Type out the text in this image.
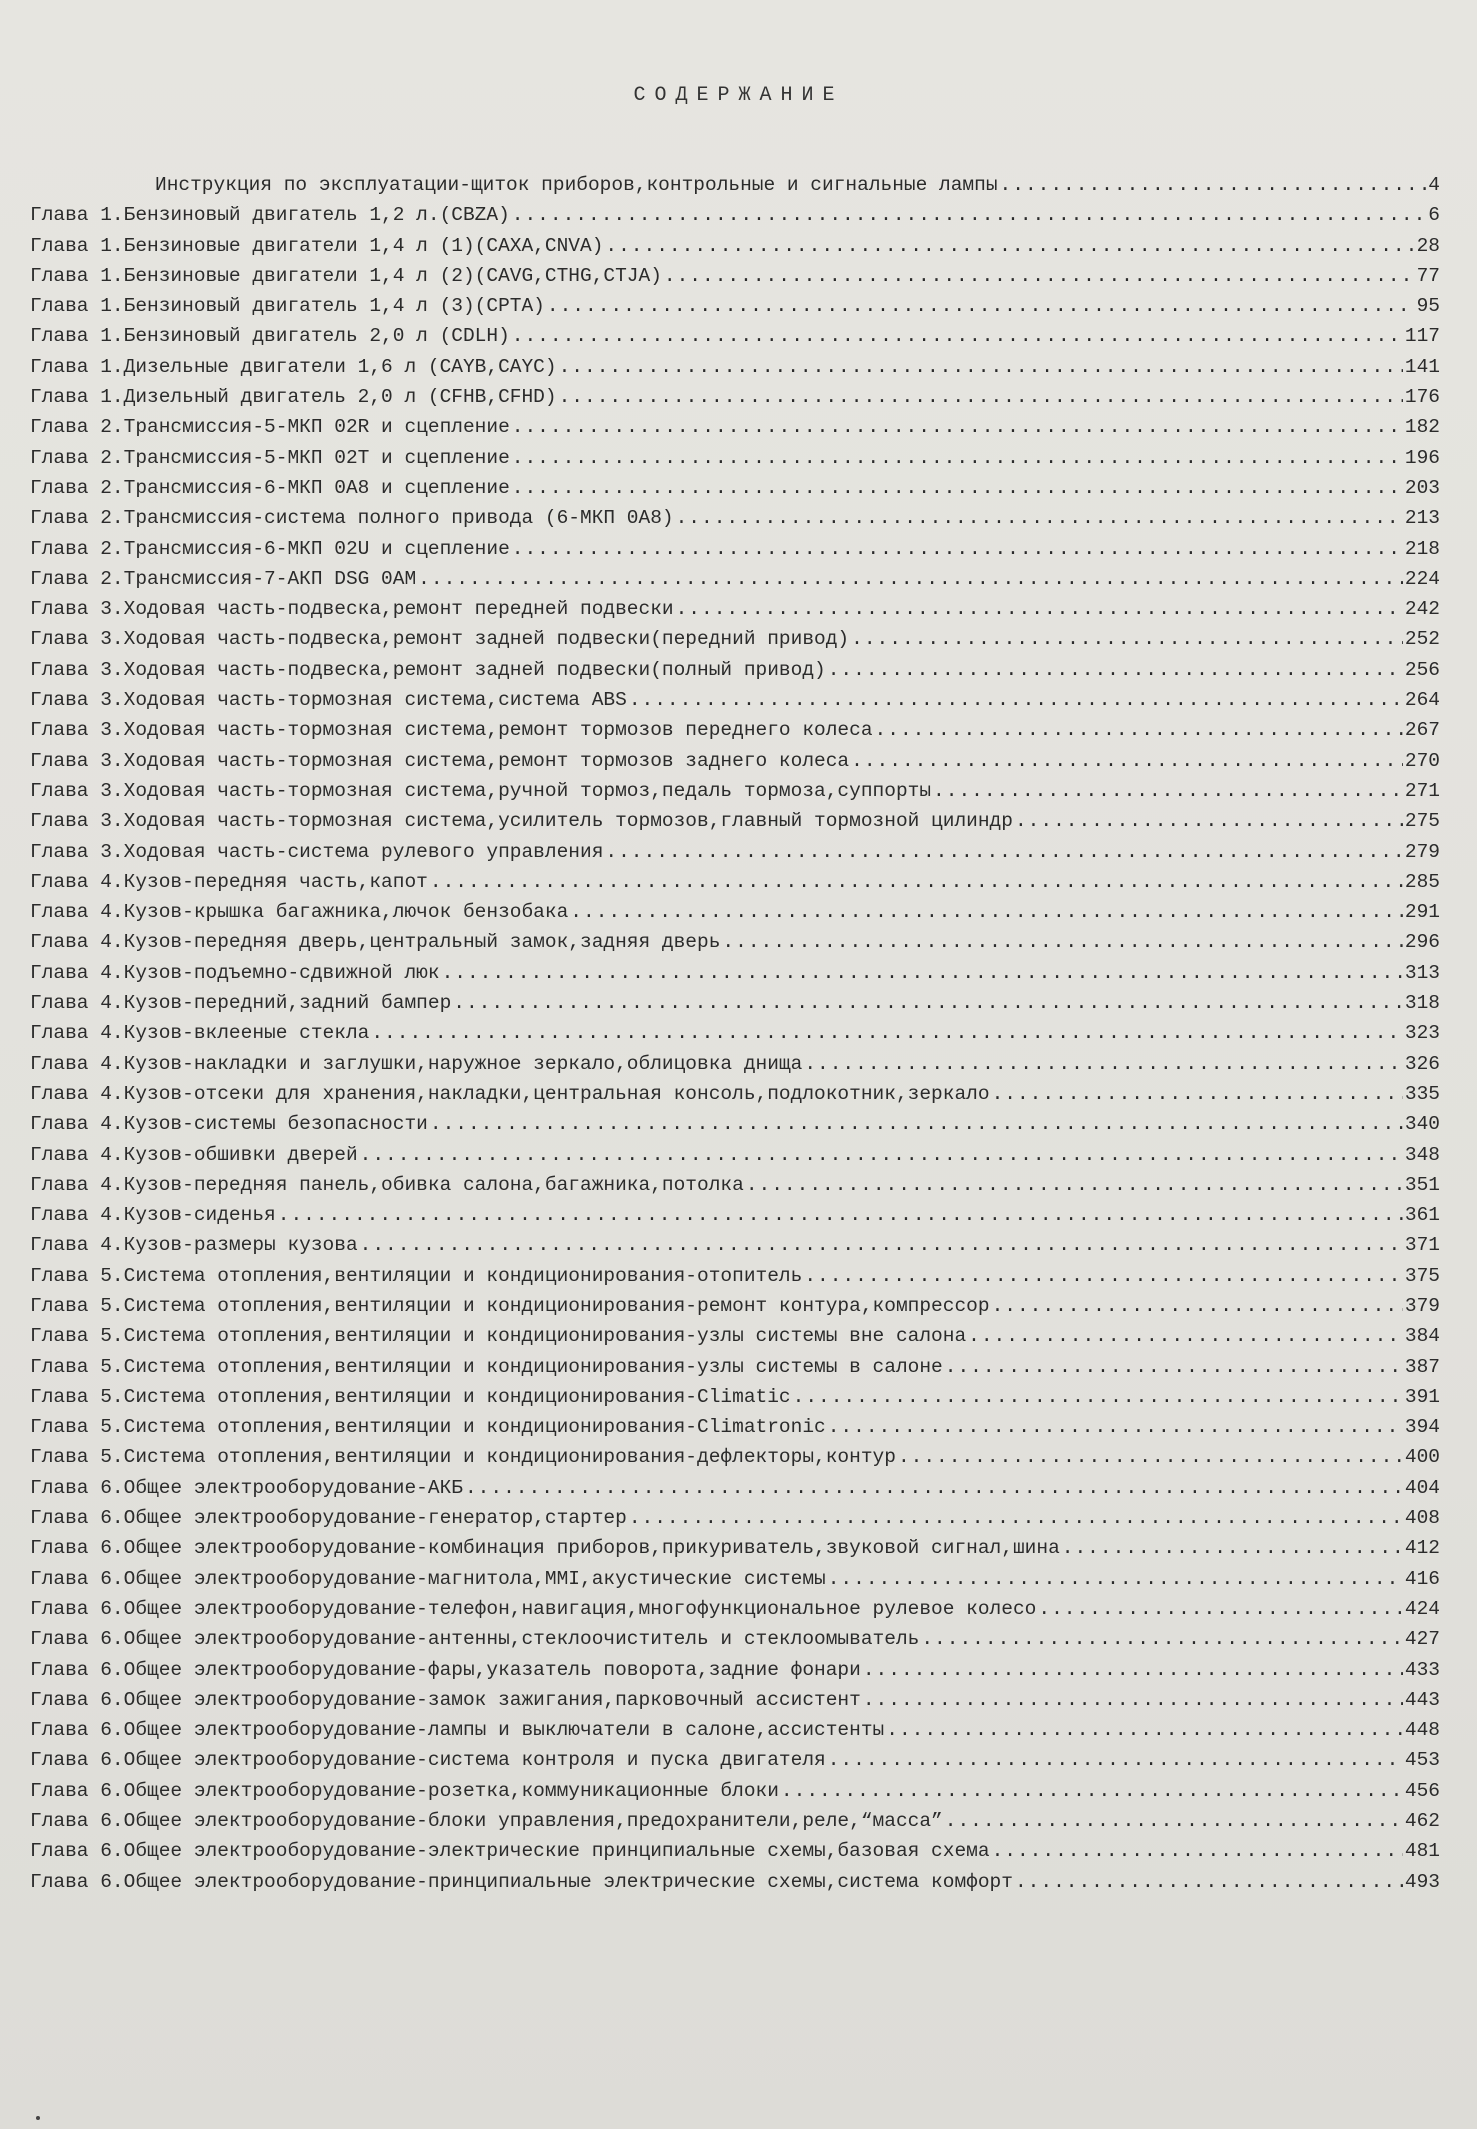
СОДЕРЖАНИЕ
Инструкция по эксплуатации-щиток приборов,контрольные и сигнальные лампы .....	4
Глава 1.Бензиновый двигатель 1,2 л.(CBZA) .....	6
Глава 1.Бензиновые двигатели 1,4 л (1)(CAXA,CNVA) .....	28
Глава 1.Бензиновые двигатели 1,4 л (2)(CAVG,CTHG,CTJA) .....	77
Глава 1.Бензиновый двигатель 1,4 л (3)(CPTA) .....	95
Глава 1.Бензиновый двигатель 2,0 л (CDLH) .....	117
Глава 1.Дизельные двигатели 1,6 л (CAYB,CAYC) .....	141
Глава 1.Дизельный двигатель 2,0 л (CFHB,CFHD) .....	176
Глава 2.Трансмиссия-5-МКП 02R и сцепление .....	182
Глава 2.Трансмиссия-5-МКП 02T и сцепление .....	196
Глава 2.Трансмиссия-6-МКП 0A8 и сцепление .....	203
Глава 2.Трансмиссия-система полного привода (6-МКП 0A8) .....	213
Глава 2.Трансмиссия-6-МКП 02U и сцепление .....	218
Глава 2.Трансмиссия-7-АКП DSG 0AM .....	224
Глава 3.Ходовая часть-подвеска,ремонт передней подвески .....	242
Глава 3.Ходовая часть-подвеска,ремонт задней подвески(передний привод) .....	252
Глава 3.Ходовая часть-подвеска,ремонт задней подвески(полный привод) .....	256
Глава 3.Ходовая часть-тормозная система,система ABS .....	264
Глава 3.Ходовая часть-тормозная система,ремонт тормозов переднего колеса .....	267
Глава 3.Ходовая часть-тормозная система,ремонт тормозов заднего колеса .....	270
Глава 3.Ходовая часть-тормозная система,ручной тормоз,педаль тормоза,суппорты .....	271
Глава 3.Ходовая часть-тормозная система,усилитель тормозов,главный тормозной цилиндр .....	275
Глава 3.Ходовая часть-система рулевого управления .....	279
Глава 4.Кузов-передняя часть,капот .....	285
Глава 4.Кузов-крышка багажника,лючок бензобака .....	291
Глава 4.Кузов-передняя дверь,центральный замок,задняя дверь .....	296
Глава 4.Кузов-подъемно-сдвижной люк .....	313
Глава 4.Кузов-передний,задний бампер .....	318
Глава 4.Кузов-вклееные стекла .....	323
Глава 4.Кузов-накладки и заглушки,наружное зеркало,облицовка днища .....	326
Глава 4.Кузов-отсеки для хранения,накладки,центральная консоль,подлокотник,зеркало .....	335
Глава 4.Кузов-системы безопасности .....	340
Глава 4.Кузов-обшивки дверей .....	348
Глава 4.Кузов-передняя панель,обивка салона,багажника,потолка .....	351
Глава 4.Кузов-сиденья .....	361
Глава 4.Кузов-размеры кузова .....	371
Глава 5.Система отопления,вентиляции и кондиционирования-отопитель .....	375
Глава 5.Система отопления,вентиляции и кондиционирования-ремонт контура,компрессор .....	379
Глава 5.Система отопления,вентиляции и кондиционирования-узлы системы вне салона .....	384
Глава 5.Система отопления,вентиляции и кондиционирования-узлы системы в салоне .....	387
Глава 5.Система отопления,вентиляции и кондиционирования-Climatic .....	391
Глава 5.Система отопления,вентиляции и кондиционирования-Climatronic .....	394
Глава 5.Система отопления,вентиляции и кондиционирования-дефлекторы,контур .....	400
Глава 6.Общее электрооборудование-АКБ .....	404
Глава 6.Общее электрооборудование-генератор,стартер .....	408
Глава 6.Общее электрооборудование-комбинация приборов,прикуриватель,звуковой сигнал,шина .....	412
Глава 6.Общее электрооборудование-магнитола,MMI,акустические системы .....	416
Глава 6.Общее электрооборудование-телефон,навигация,многофункциональное рулевое колесо .....	424
Глава 6.Общее электрооборудование-антенны,стеклоочиститель и стеклоомыватель .....	427
Глава 6.Общее электрооборудование-фары,указатель поворота,задние фонари .....	433
Глава 6.Общее электрооборудование-замок зажигания,парковочный ассистент .....	443
Глава 6.Общее электрооборудование-лампы и выключатели в салоне,ассистенты .....	448
Глава 6.Общее электрооборудование-система контроля и пуска двигателя .....	453
Глава 6.Общее электрооборудование-розетка,коммуникационные блоки .....	456
Глава 6.Общее электрооборудование-блоки управления,предохранители,реле,“масса” .....	462
Глава 6.Общее электрооборудование-электрические принципиальные схемы,базовая схема .....	481
Глава 6.Общее электрооборудование-принципиальные электрические схемы,система комфорт .....	493
